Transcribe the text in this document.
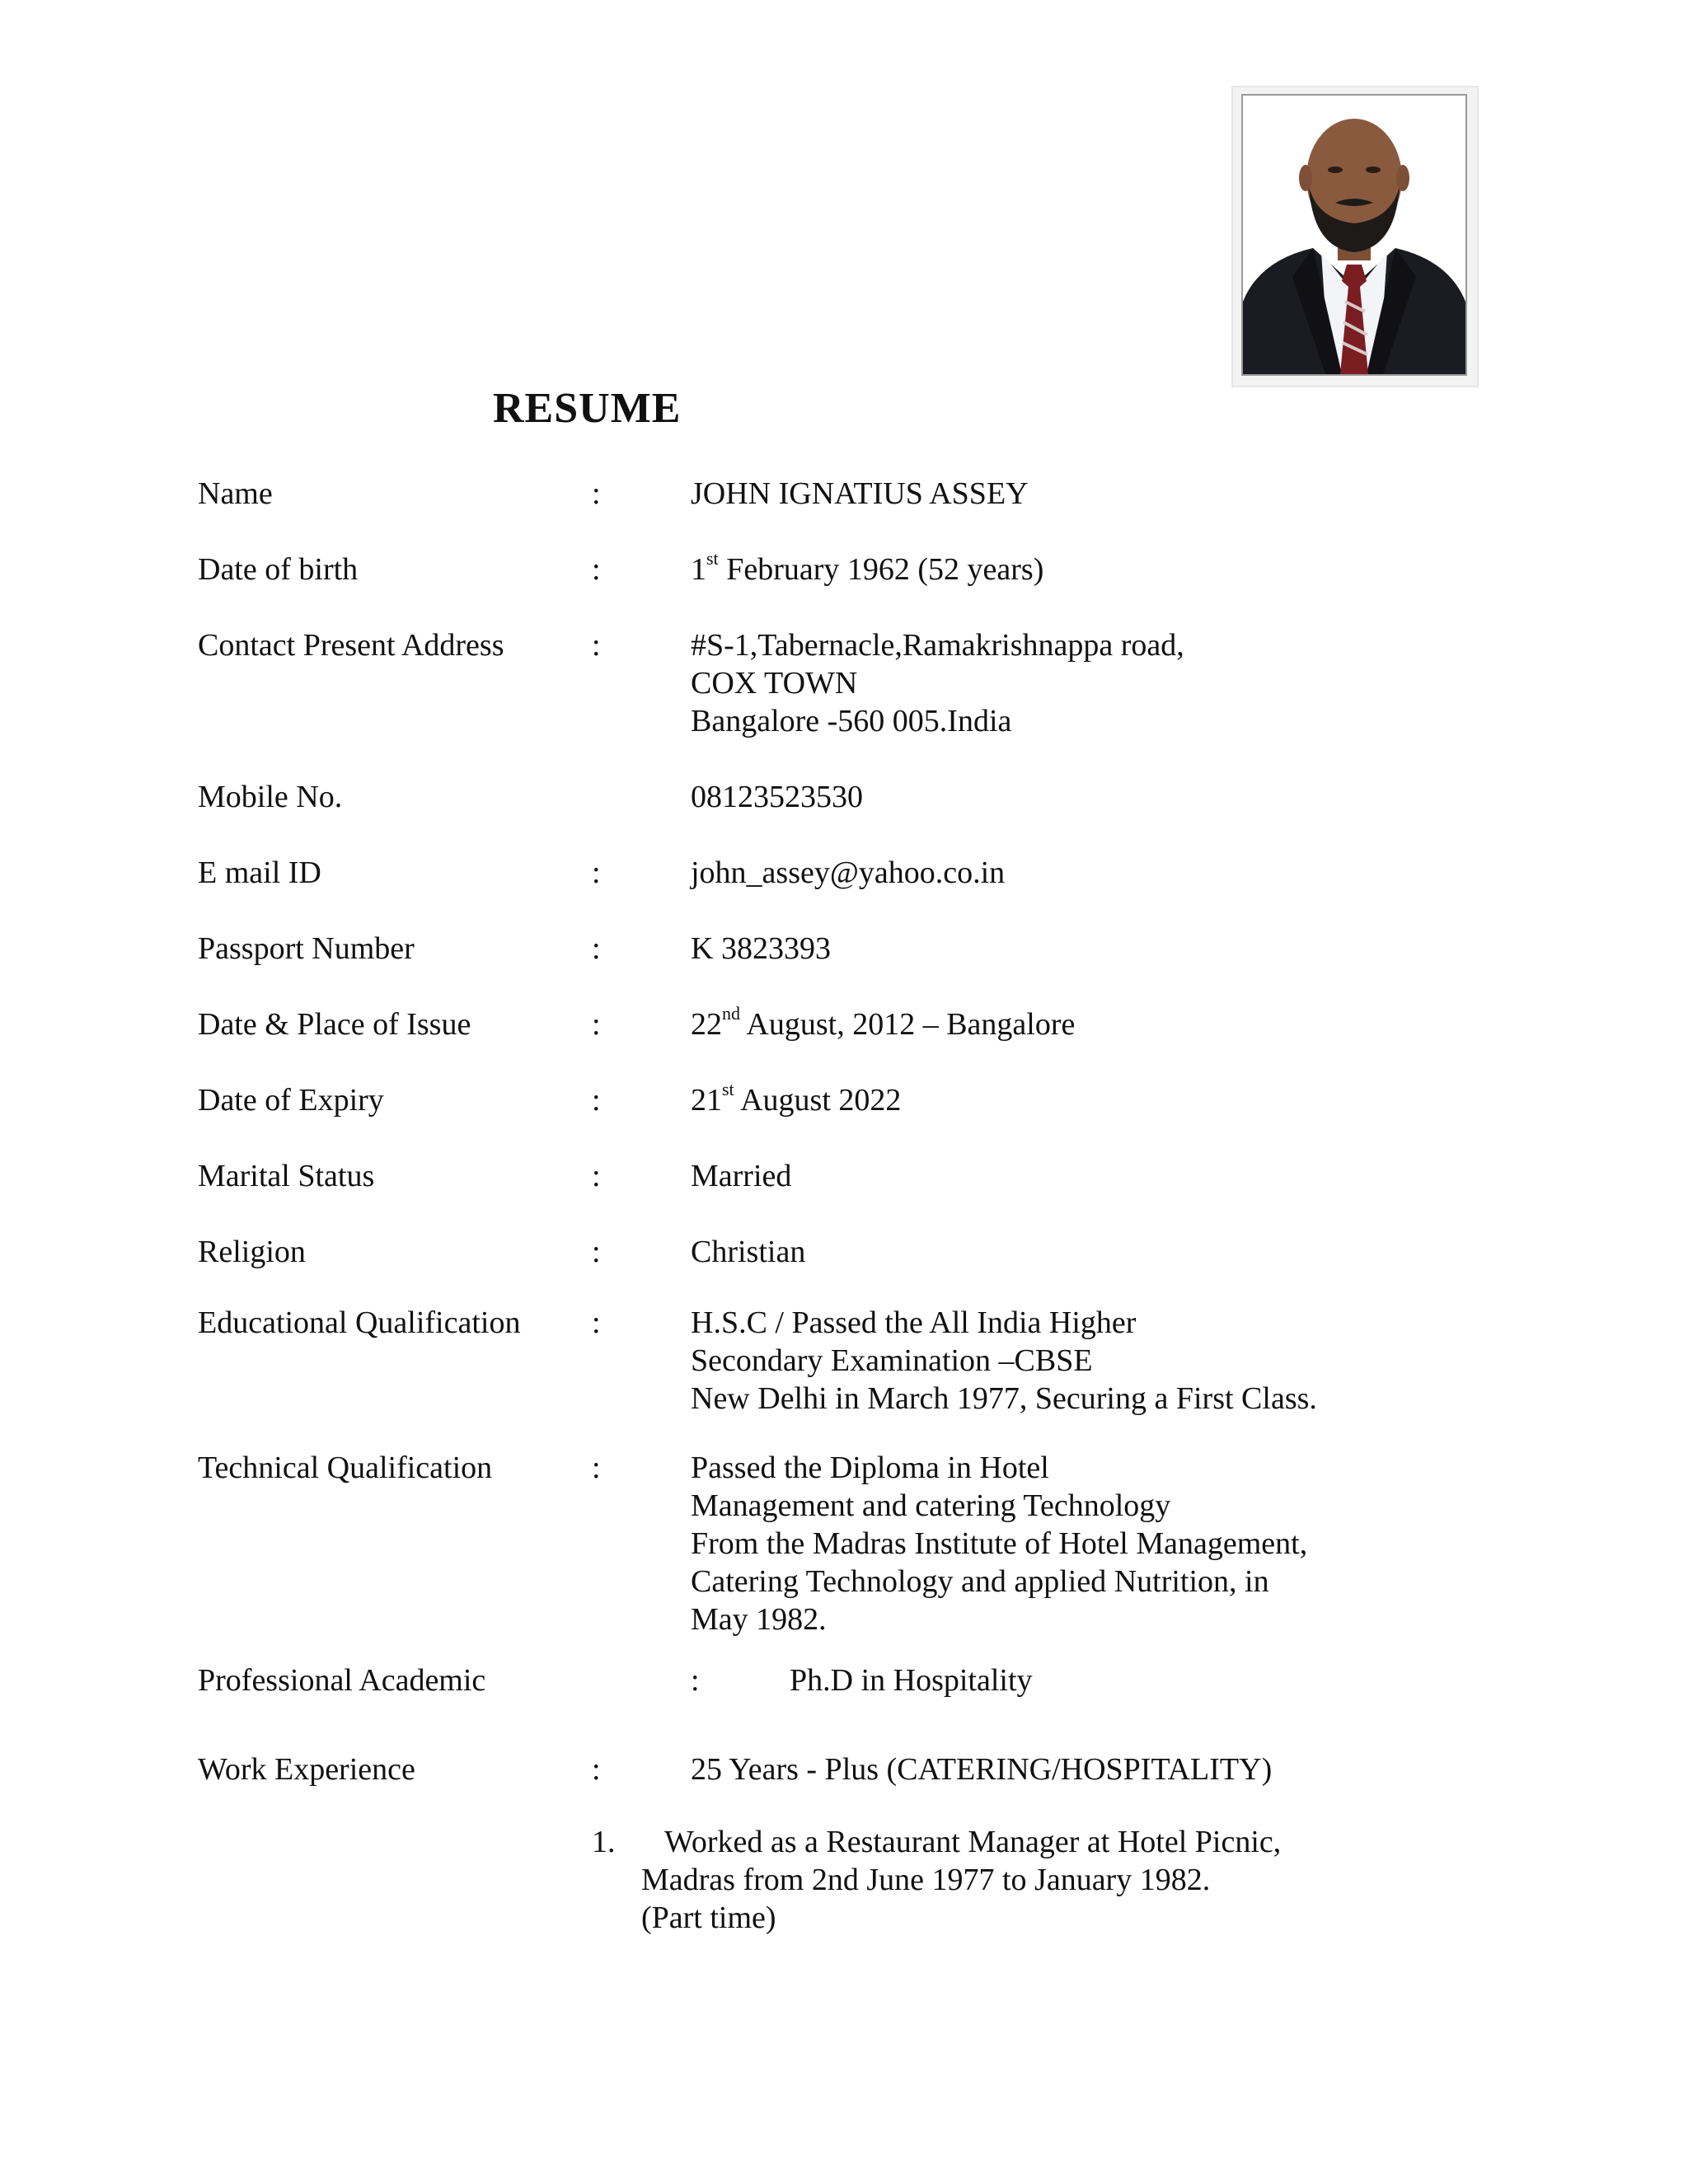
RESUME
Name	:	JOHN IGNATIUS ASSEY
Date of birth	:	1st February 1962 (52 years)
Contact Present Address	:	#S-1,Tabernacle,Ramakrishnappa road,
COX TOWN
Bangalore -560 005.India
Mobile No.	08123523530
E mail ID	:	john_assey@yahoo.co.in
Passport Number	:	K 3823393
Date & Place of Issue	:	22nd August, 2012 – Bangalore
Date of Expiry	:	21st August 2022
Marital Status	:	Married
Religion	:	Christian
Educational Qualification :	H.S.C / Passed the All India Higher
Secondary Examination –CBSE
New Delhi in March 1977, Securing a First Class.
Technical Qualification	:	Passed the Diploma in Hotel
Management and catering Technology
From the Madras Institute of Hotel Management,
Catering Technology and applied Nutrition, in
May 1982.
Professional Academic	:	Ph.D in Hospitality
Work Experience	:	25 Years - Plus (CATERING/HOSPITALITY)
1. Worked as a Restaurant Manager at Hotel Picnic,
Madras from 2nd June 1977 to January 1982.
(Part time)
